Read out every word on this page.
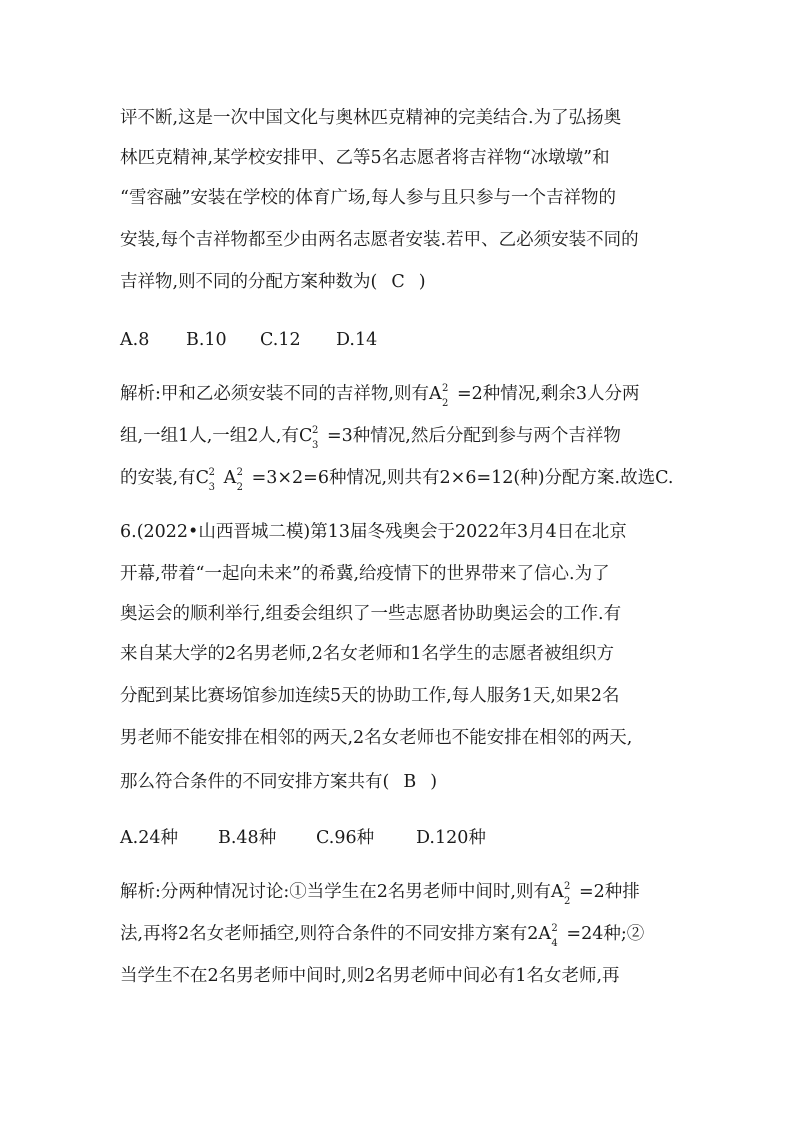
评不断,这是一次中国文化与奥林匹克精神的完美结合.为了弘扬奥
林匹克精神,某学校安排甲、乙等5名志愿者将吉祥物“冰墩墩”和
“雪容融”安装在学校的体育广场,每人参与且只参与一个吉祥物的
安装,每个吉祥物都至少由两名志愿者安装.若甲、乙必须安装不同的
吉祥物,则不同的分配方案种数为( C )
A.8 B.10 C.12 D.14
解析:甲和乙必须安装不同的吉祥物,则有 A 2
2 =2种情况,剩余3人分两
组,一组1人,一组2人,有 C 2
3 =3种情况,然后分配到参与两个吉祥物
的安装,有 C 2
3 A 2
2 =3×2=6种情况,则共有2×6=12(种)分配方案.故选C.
6.(2022•山西晋城二模)第13届冬残奥会于2022年3月4日在北京
开幕,带着“一起向未来”的希冀,给疫情下的世界带来了信心.为了
奥运会的顺利举行,组委会组织了一些志愿者协助奥运会的工作.有
来自某大学的2名男老师,2名女老师和1名学生的志愿者被组织方
分配到某比赛场馆参加连续5天的协助工作,每人服务1天,如果2名
男老师不能安排在相邻的两天,2名女老师也不能安排在相邻的两天,
那么符合条件的不同安排方案共有( B )
A.24种 B.48种 C.96种 D.120种
解析:分两种情况讨论:①当学生在2名男老师中间时,则有 A 2
2 =2种排
法,再将2名女老师插空,则符合条件的不同安排方案有2 A 2
4 =24种;②
当学生不在2名男老师中间时,则2名男老师中间必有1名女老师,再
